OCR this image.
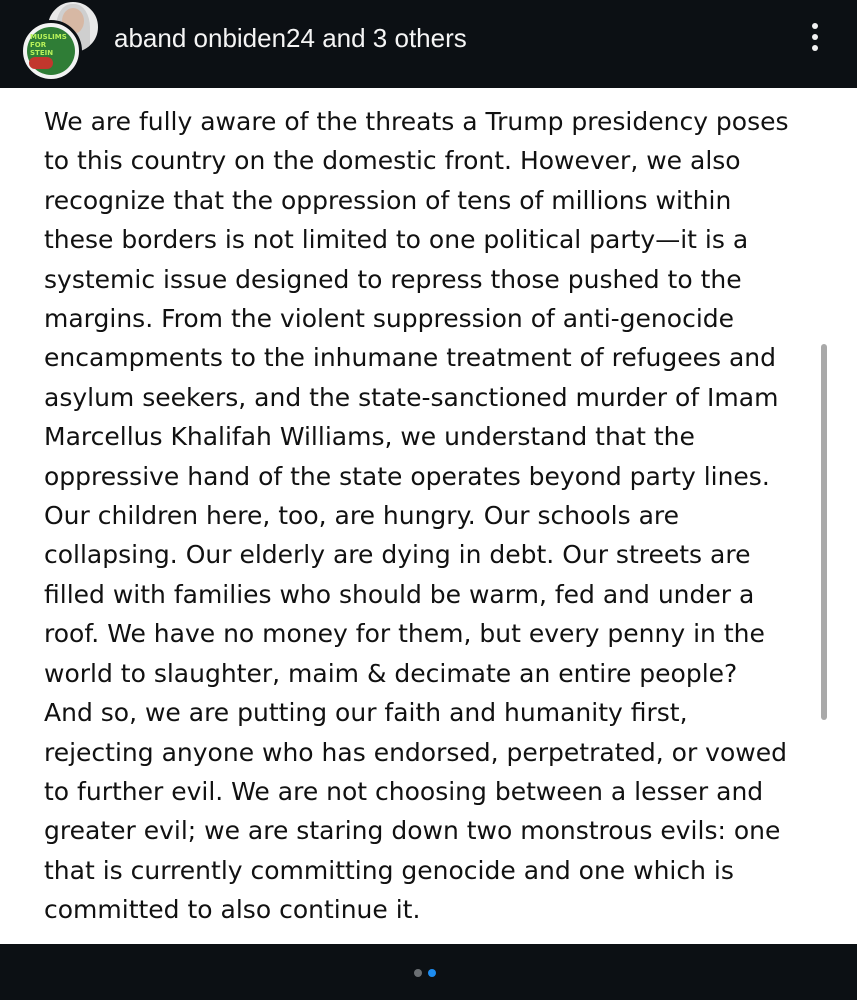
MUSLIMS FOR STEIN	aband onbiden24 and 3 others
We are fully aware of the threats a Trump presidency poses
to this country on the domestic front. However, we also
recognize that the oppression of tens of millions within
these borders is not limited to one political party—it is a
systemic issue designed to repress those pushed to the
margins. From the violent suppression of anti-genocide
encampments to the inhumane treatment of refugees and
asylum seekers, and the state-sanctioned murder of Imam
Marcellus Khalifah Williams, we understand that the
oppressive hand of the state operates beyond party lines.
Our children here, too, are hungry. Our schools are
collapsing. Our elderly are dying in debt. Our streets are
filled with families who should be warm, fed and under a
roof. We have no money for them, but every penny in the
world to slaughter, maim & decimate an entire people?
And so, we are putting our faith and humanity first,
rejecting anyone who has endorsed, perpetrated, or vowed
to further evil. We are not choosing between a lesser and
greater evil; we are staring down two monstrous evils: one
that is currently committing genocide and one which is
committed to also continue it.
